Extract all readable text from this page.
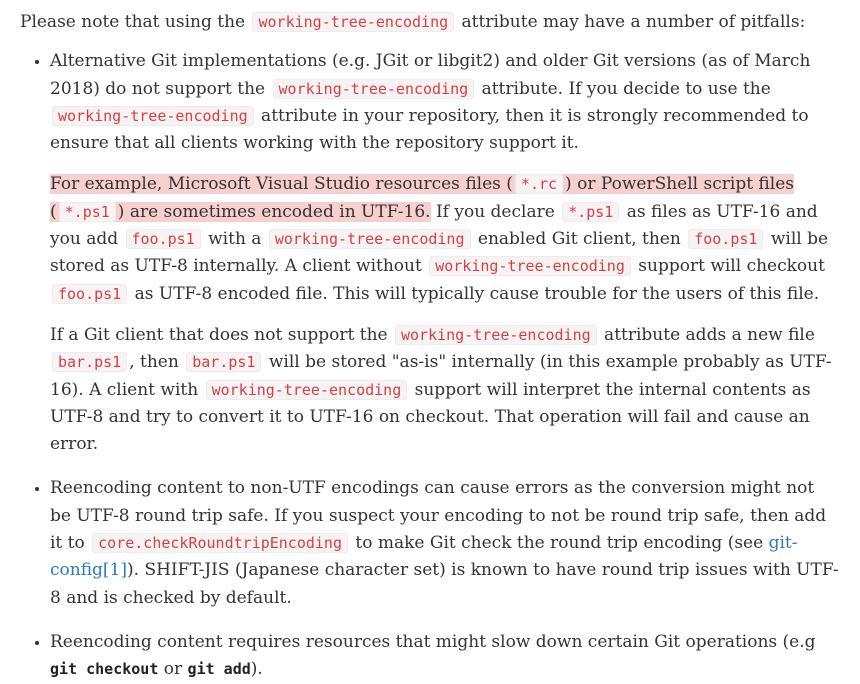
Please note that using the working-tree-encoding attribute may have a number of pitfalls:

• Alternative Git implementations (e.g. JGit or libgit2) and older Git versions (as of March 2018) do not support the working-tree-encoding attribute. If you decide to use the working-tree-encoding attribute in your repository, then it is strongly recommended to ensure that all clients working with the repository support it.

For example, Microsoft Visual Studio resources files ( *.rc ) or PowerShell script files ( *.ps1 ) are sometimes encoded in UTF-16. If you declare *.ps1 as files as UTF-16 and you add foo.ps1 with a working-tree-encoding enabled Git client, then foo.ps1 will be stored as UTF-8 internally. A client without working-tree-encoding support will checkout foo.ps1 as UTF-8 encoded file. This will typically cause trouble for the users of this file.

If a Git client that does not support the working-tree-encoding attribute adds a new file bar.ps1 , then bar.ps1 will be stored "as-is" internally (in this example probably as UTF-16). A client with working-tree-encoding support will interpret the internal contents as UTF-8 and try to convert it to UTF-16 on checkout. That operation will fail and cause an error.

• Reencoding content to non-UTF encodings can cause errors as the conversion might not be UTF-8 round trip safe. If you suspect your encoding to not be round trip safe, then add it to core.checkRoundtripEncoding to make Git check the round trip encoding (see git-config[1]). SHIFT-JIS (Japanese character set) is known to have round trip issues with UTF-8 and is checked by default.

• Reencoding content requires resources that might slow down certain Git operations (e.g git checkout or git add).
